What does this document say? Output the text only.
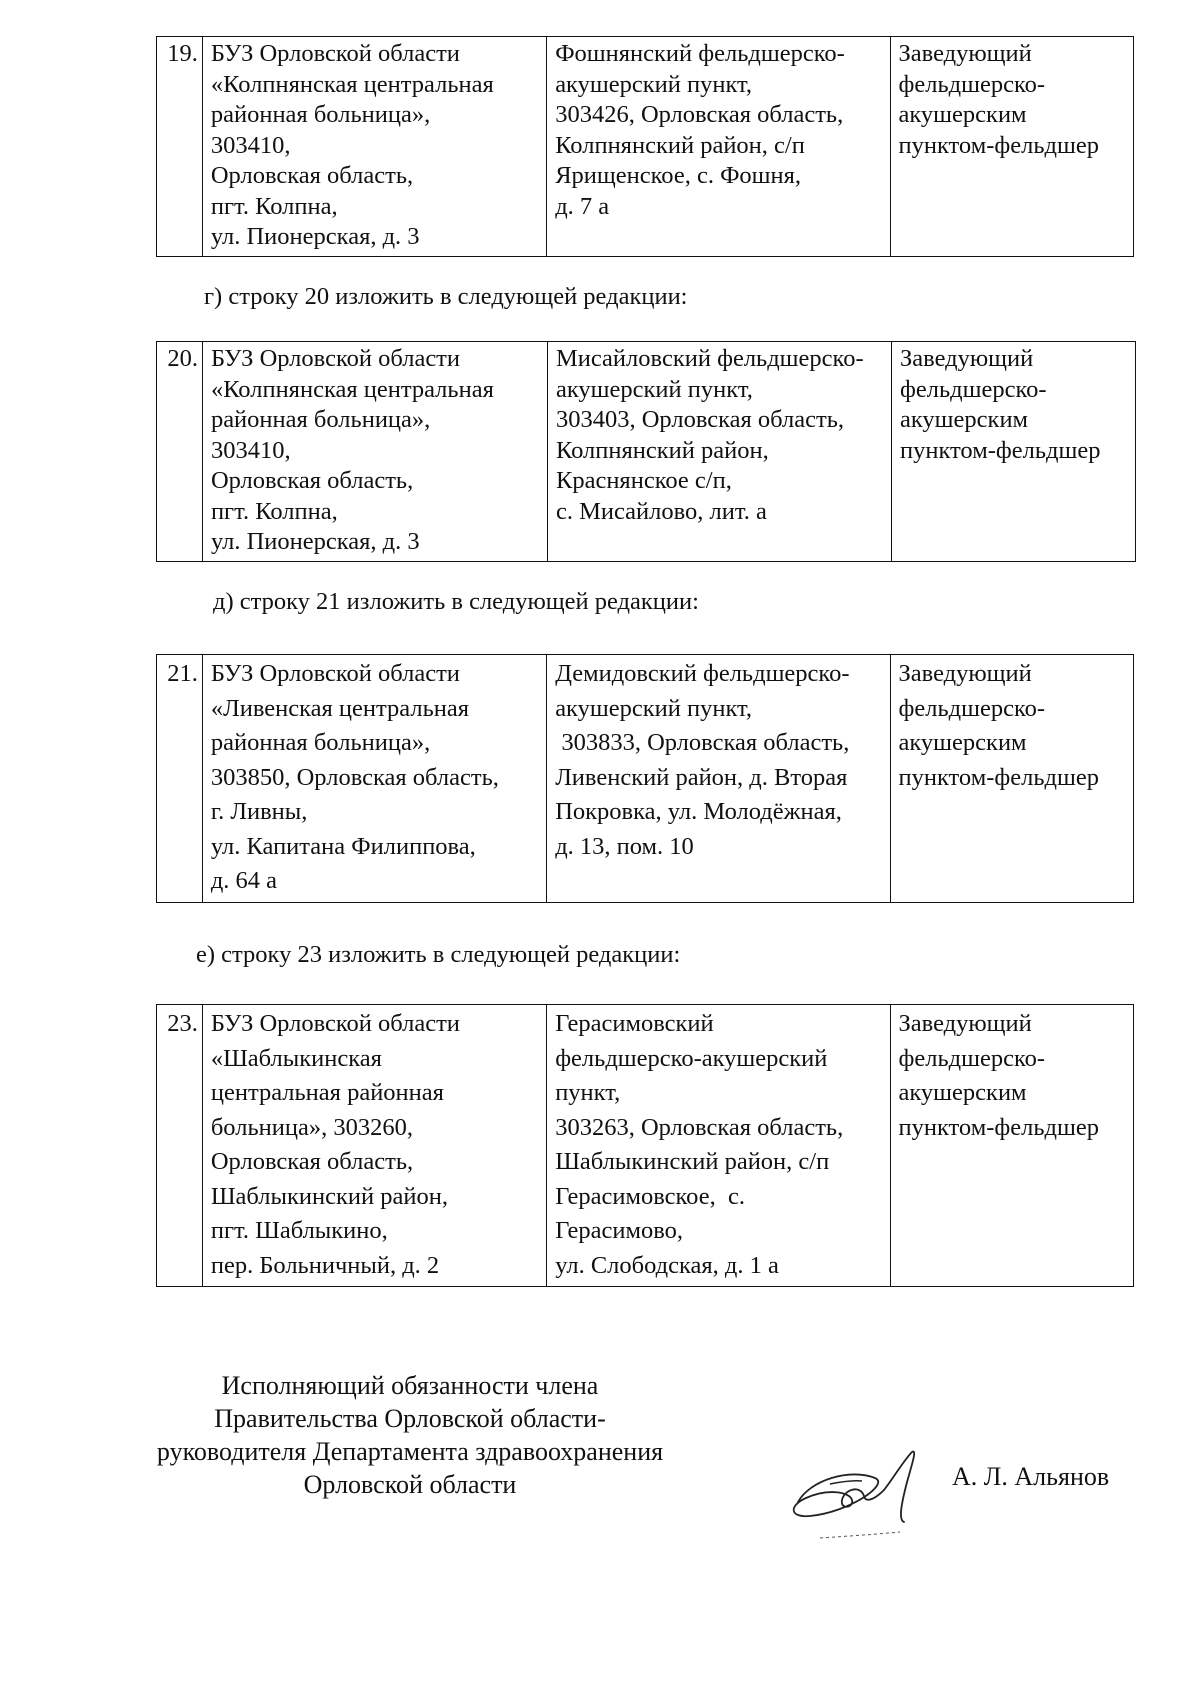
19.	БУЗ Орловской области
«Колпнянская центральная
районная больница»,
303410,
Орловская область,
пгт. Колпна,
ул. Пионерская, д. 3

Фошнянский фельдшерско-
акушерский пункт,
303426, Орловская область,
Колпнянский район, с/п
Ярищенское, с. Фошня,
д. 7 а

Заведующий
фельдшерско-
акушерским
пунктом-фельдшер
г) строку 20 изложить в следующей редакции:
20.	БУЗ Орловской области
«Колпнянская центральная
районная больница»,
303410,
Орловская область,
пгт. Колпна,
ул. Пионерская, д. 3

Мисайловский фельдшерско-
акушерский пункт,
303403, Орловская область,
Колпнянский район,
Краснянское с/п,
с. Мисайлово, лит. а

Заведующий
фельдшерско-
акушерским
пунктом-фельдшер
д) строку 21 изложить в следующей редакции:
21.	БУЗ Орловской области
«Ливенская центральная
районная больница»,
303850, Орловская область,
г. Ливны,
ул. Капитана Филиппова,
д. 64 а

Демидовский фельдшерско-
акушерский пункт,
303833, Орловская область,
Ливенский район, д. Вторая
Покровка, ул. Молодёжная,
д. 13, пом. 10

Заведующий
фельдшерско-
акушерским
пунктом-фельдшер
е) строку 23 изложить в следующей редакции:
23.	БУЗ Орловской области
«Шаблыкинская
центральная районная
больница», 303260,
Орловская область,
Шаблыкинский район,
пгт. Шаблыкино,
пер. Больничный, д. 2

Герасимовский
фельдшерско-акушерский
пункт,
303263, Орловская область,
Шаблыкинский район, с/п
Герасимовское,  с.
Герасимово,
ул. Слободская, д. 1 а

Заведующий
фельдшерско-
акушерским
пунктом-фельдшер
Исполняющий обязанности члена
Правительства Орловской области-
руководителя Департамента здравоохранения
Орловской области	А. Л. Альянов
